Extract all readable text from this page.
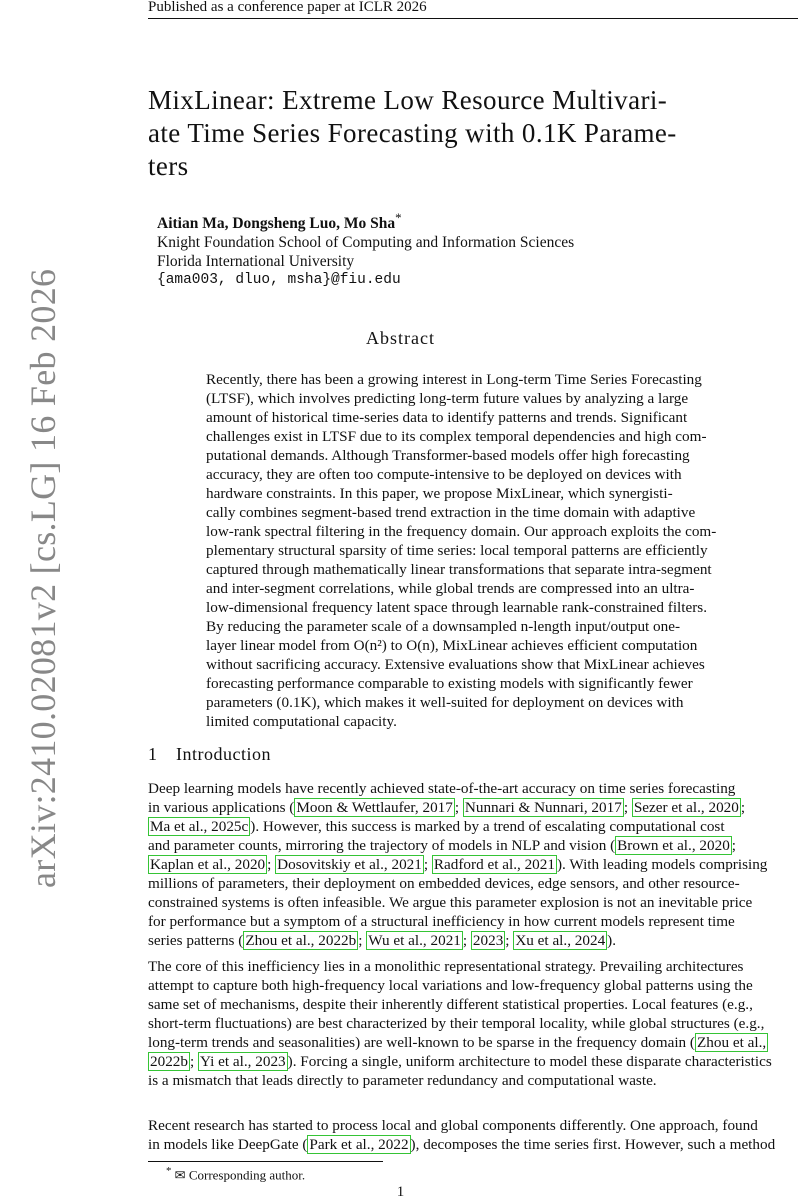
Published as a conference paper at ICLR 2026
arXiv:2410.02081v2 [cs.LG] 16 Feb 2026
MixLinear: Extreme Low Resource Multivari-
ate Time Series Forecasting with 0.1K Parame-
ters
Aitian Ma, Dongsheng Luo, Mo Sha*
Knight Foundation School of Computing and Information Sciences
Florida International University
{ama003, dluo, msha}@fiu.edu
Abstract
Recently, there has been a growing interest in Long-term Time Series Forecasting
(LTSF), which involves predicting long-term future values by analyzing a large
amount of historical time-series data to identify patterns and trends. Significant
challenges exist in LTSF due to its complex temporal dependencies and high com-
putational demands. Although Transformer-based models offer high forecasting
accuracy, they are often too compute-intensive to be deployed on devices with
hardware constraints. In this paper, we propose MixLinear, which synergisti-
cally combines segment-based trend extraction in the time domain with adaptive
low-rank spectral filtering in the frequency domain. Our approach exploits the com-
plementary structural sparsity of time series: local temporal patterns are efficiently
captured through mathematically linear transformations that separate intra-segment
and inter-segment correlations, while global trends are compressed into an ultra-
low-dimensional frequency latent space through learnable rank-constrained filters.
By reducing the parameter scale of a downsampled n-length input/output one-
layer linear model from O(n²) to O(n), MixLinear achieves efficient computation
without sacrificing accuracy. Extensive evaluations show that MixLinear achieves
forecasting performance comparable to existing models with significantly fewer
parameters (0.1K), which makes it well-suited for deployment on devices with
limited computational capacity.
1 Introduction
Deep learning models have recently achieved state-of-the-art accuracy on time series forecasting
in various applications ( Moon & Wettlaufer, 2017 ; Nunnari & Nunnari, 2017 ; Sezer et al., 2020 ;
Ma et al., 2025c ). However, this success is marked by a trend of escalating computational cost
and parameter counts, mirroring the trajectory of models in NLP and vision ( Brown et al., 2020 ;
Kaplan et al., 2020 ; Dosovitskiy et al., 2021 ; Radford et al., 2021 ). With leading models comprising
millions of parameters, their deployment on embedded devices, edge sensors, and other resource-
constrained systems is often infeasible. We argue this parameter explosion is not an inevitable price
for performance but a symptom of a structural inefficiency in how current models represent time
series patterns ( Zhou et al., 2022b ; Wu et al., 2021 ; 2023 ; Xu et al., 2024 ).
The core of this inefficiency lies in a monolithic representational strategy. Prevailing architectures
attempt to capture both high-frequency local variations and low-frequency global patterns using the
same set of mechanisms, despite their inherently different statistical properties. Local features (e.g.,
short-term fluctuations) are best characterized by their temporal locality, while global structures (e.g.,
long-term trends and seasonalities) are well-known to be sparse in the frequency domain ( Zhou et al.,
2022b ; Yi et al., 2023 ). Forcing a single, uniform architecture to model these disparate characteristics
is a mismatch that leads directly to parameter redundancy and computational waste.
Recent research has started to process local and global components differently. One approach, found
in models like DeepGate ( Park et al., 2022 ), decomposes the time series first. However, such a method
* ✉ Corresponding author.
1
